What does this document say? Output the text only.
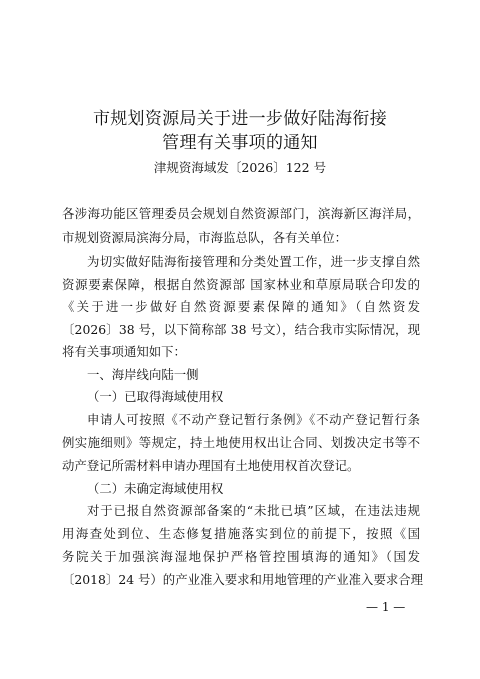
市规划资源局关于进一步做好陆海衔接
管理有关事项的通知
津规资海域发〔2026〕122 号
各涉海功能区管理委员会规划自然资源部门，滨海新区海洋局，
市规划资源局滨海分局，市海监总队，各有关单位：
为切实做好陆海衔接管理和分类处置工作，进一步支撑自然
资源要素保障，根据自然资源部 国家林业和草原局联合印发的
《关于进一步做好自然资源要素保障的通知》（自然资发
〔2026〕38 号，以下简称部 38 号文），结合我市实际情况，现
将有关事项通知如下：
一、海岸线向陆一侧
（一）已取得海域使用权
申请人可按照《不动产登记暂行条例》《不动产登记暂行条
例实施细则》等规定，持土地使用权出让合同、划拨决定书等不
动产登记所需材料申请办理国有土地使用权首次登记。
（二）未确定海域使用权
对于已报自然资源部备案的“未批已填”区域，在违法违规
用海查处到位、生态修复措施落实到位的前提下，按照《国
务院关于加强滨海湿地保护严格管控围填海的通知》（国发
〔2018〕24 号）的产业准入要求和用地管理的产业准入要求合理
— 1 —
